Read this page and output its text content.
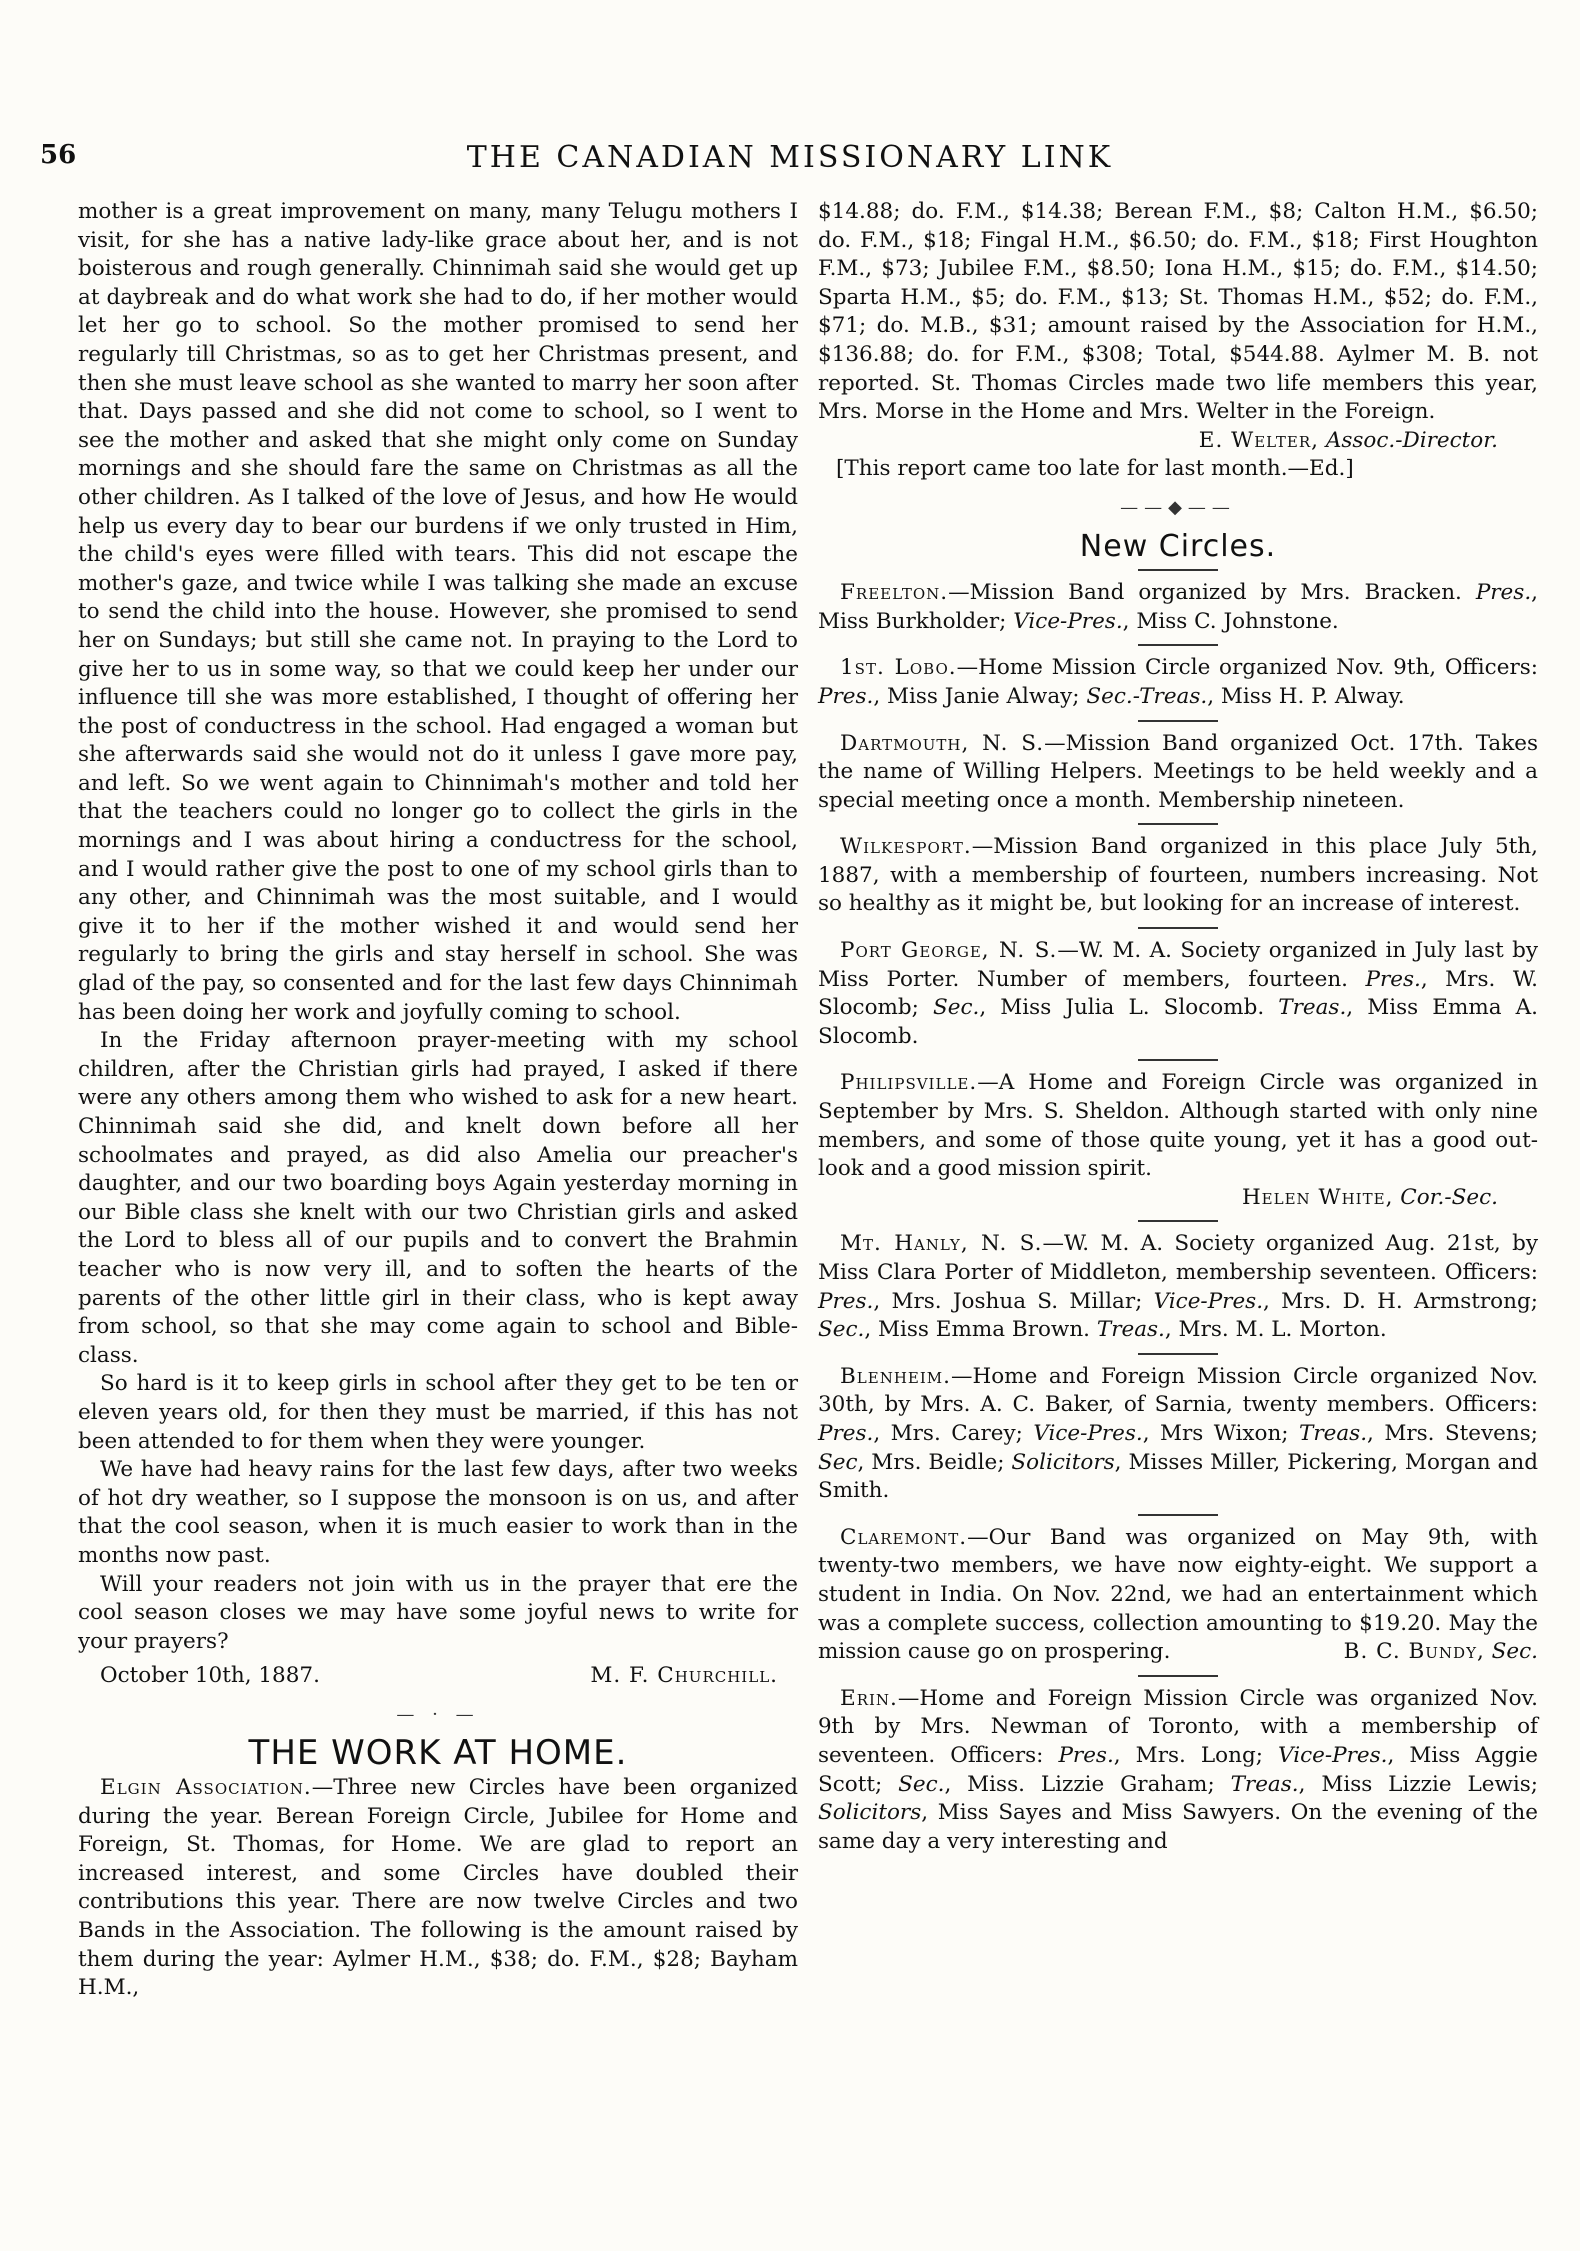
56	THE CANADIAN MISSIONARY LINK

mother is a great improvement on many, many Telugu mothers I visit, for she has a native lady-like grace about her, and is not boisterous and rough generally. Chinnimah said she would get up at daybreak and do what work she had to do, if her mother would let her go to school. So the mother promised to send her regularly till Christmas, so as to get her Christmas present, and then she must leave school as she wanted to marry her soon after that. Days passed and she did not come to school, so I went to see the mother and asked that she might only come on Sunday mornings and she should fare the same on Christmas as all the other children. As I talked of the love of Jesus, and how He would help us every day to bear our burdens if we only trusted in Him, the child's eyes were filled with tears. This did not escape the mother's gaze, and twice while I was talking she made an excuse to send the child into the house. However, she promised to send her on Sundays; but still she came not. In praying to the Lord to give her to us in some way, so that we could keep her under our influence till she was more established, I thought of offering her the post of conductress in the school. Had engaged a woman but she afterwards said she would not do it unless I gave more pay, and left. So we went again to Chinnimah's mother and told her that the teachers could no longer go to collect the girls in the mornings and I was about hiring a conductress for the school, and I would rather give the post to one of my school girls than to any other, and Chinnimah was the most suitable, and I would give it to her if the mother wished it and would send her regularly to bring the girls and stay herself in school. She was glad of the pay, so consented and for the last few days Chinnimah has been doing her work and joyfully coming to school.

In the Friday afternoon prayer-meeting with my school children, after the Christian girls had prayed, I asked if there were any others among them who wished to ask for a new heart. Chinnimah said she did, and knelt down before all her schoolmates and prayed, as did also Amelia our preacher's daughter, and our two boarding boys Again yesterday morning in our Bible class she knelt with our two Christian girls and asked the Lord to bless all of our pupils and to convert the Brahmin teacher who is now very ill, and to soften the hearts of the parents of the other little girl in their class, who is kept away from school, so that she may come again to school and Bible-class.

So hard is it to keep girls in school after they get to be ten or eleven years old, for then they must be married, if this has not been attended to for them when they were younger.

We have had heavy rains for the last few days, after two weeks of hot dry weather, so I suppose the monsoon is on us, and after that the cool season, when it is much easier to work than in the months now past.

Will your readers not join with us in the prayer that ere the cool season closes we may have some joyful news to write for your prayers?

October 10th, 1887.	M. F. Churchill.
— · —
THE WORK AT HOME.

Elgin Association.—Three new Circles have been organized during the year. Berean Foreign Circle, Jubilee for Home and Foreign, St. Thomas, for Home. We are glad to report an increased interest, and some Circles have doubled their contributions this year. There are now twelve Circles and two Bands in the Association. The following is the amount raised by them during the year: Aylmer H.M., $38; do. F.M., $28; Bayham H.M.,

$14.88; do. F.M., $14.38; Berean F.M., $8; Calton H.M., $6.50; do. F.M., $18; Fingal H.M., $6.50; do. F.M., $18; First Houghton F.M., $73; Jubilee F.M., $8.50; Iona H.M., $15; do. F.M., $14.50; Sparta H.M., $5; do. F.M., $13; St. Thomas H.M., $52; do. F.M., $71; do. M.B., $31; amount raised by the Association for H.M., $136.88; do. for F.M., $308; Total, $544.88. Aylmer M. B. not reported. St. Thomas Circles made two life members this year, Mrs. Morse in the Home and Mrs. Welter in the Foreign.

E. Welter, Assoc.-Director.

[This report came too late for last month.—Ed.]

——◆——
New Circles.

Freelton.—Mission Band organized by Mrs. Bracken. Pres., Miss Burkholder; Vice-Pres., Miss C. Johnstone.

1st. Lobo.—Home Mission Circle organized Nov. 9th, Officers: Pres., Miss Janie Alway; Sec.-Treas., Miss H. P. Alway.

Dartmouth, N. S.—Mission Band organized Oct. 17th. Takes the name of Willing Helpers. Meetings to be held weekly and a special meeting once a month. Membership nineteen.

Wilkesport.—Mission Band organized in this place July 5th, 1887, with a membership of fourteen, numbers increasing. Not so healthy as it might be, but looking for an increase of interest.

Port George, N. S.—W. M. A. Society organized in July last by Miss Porter. Number of members, fourteen. Pres., Mrs. W. Slocomb; Sec., Miss Julia L. Slocomb. Treas., Miss Emma A. Slocomb.

Philipsville.—A Home and Foreign Circle was organized in September by Mrs. S. Sheldon. Although started with only nine members, and some of those quite young, yet it has a good out-look and a good mission spirit.

Helen White, Cor.-Sec.

Mt. Hanly, N. S.—W. M. A. Society organized Aug. 21st, by Miss Clara Porter of Middleton, membership seventeen. Officers: Pres., Mrs. Joshua S. Millar; Vice-Pres., Mrs. D. H. Armstrong; Sec., Miss Emma Brown. Treas., Mrs. M. L. Morton.

Blenheim.—Home and Foreign Mission Circle organized Nov. 30th, by Mrs. A. C. Baker, of Sarnia, twenty members. Officers: Pres., Mrs. Carey; Vice-Pres., Mrs Wixon; Treas., Mrs. Stevens; Sec, Mrs. Beidle; Solicitors, Misses Miller, Pickering, Morgan and Smith.

Claremont.—Our Band was organized on May 9th, with twenty-two members, we have now eighty-eight. We support a student in India. On Nov. 22nd, we had an entertainment which was a complete success, collection amounting to $19.20. May the mission cause go on prospering.	B. C. Bundy, Sec.

Erin.—Home and Foreign Mission Circle was organized Nov. 9th by Mrs. Newman of Toronto, with a membership of seventeen. Officers: Pres., Mrs. Long; Vice-Pres., Miss Aggie Scott; Sec., Miss. Lizzie Graham; Treas., Miss Lizzie Lewis; Solicitors, Miss Sayes and Miss Sawyers. On the evening of the same day a very interesting and
